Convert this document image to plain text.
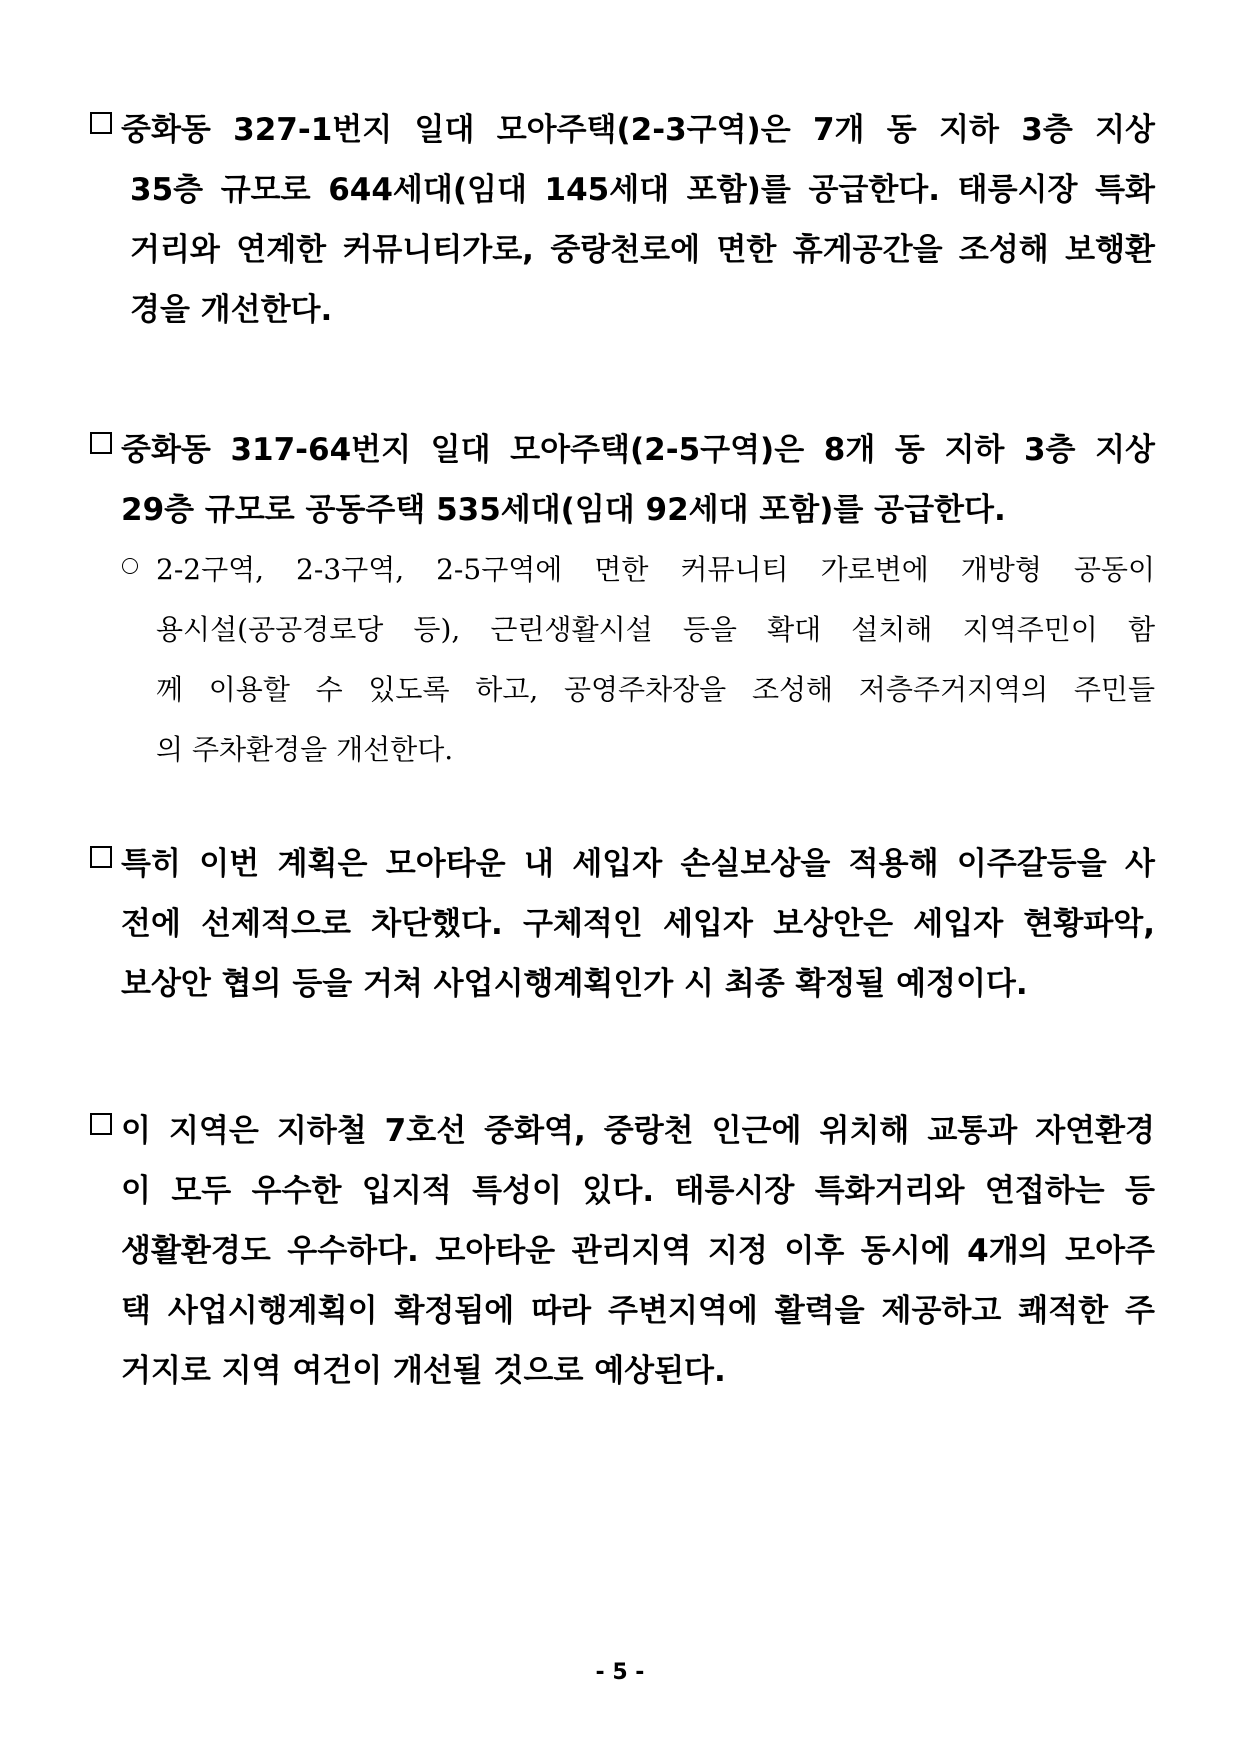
중화동 327-1번지 일대 모아주택(2-3구역)은 7개 동 지하 3층 지상
35층 규모로 644세대(임대 145세대 포함)를 공급한다. 태릉시장 특화
거리와 연계한 커뮤니티가로, 중랑천로에 면한 휴게공간을 조성해 보행환
경을 개선한다.
중화동 317-64번지 일대 모아주택(2-5구역)은 8개 동 지하 3층 지상
29층 규모로 공동주택 535세대(임대 92세대 포함)를 공급한다.
2-2구역, 2-3구역, 2-5구역에 면한 커뮤니티 가로변에 개방형 공동이
용시설(공공경로당 등), 근린생활시설 등을 확대 설치해 지역주민이 함
께 이용할 수 있도록 하고, 공영주차장을 조성해 저층주거지역의 주민들
의 주차환경을 개선한다.
특히 이번 계획은 모아타운 내 세입자 손실보상을 적용해 이주갈등을 사
전에 선제적으로 차단했다. 구체적인 세입자 보상안은 세입자 현황파악,
보상안 협의 등을 거쳐 사업시행계획인가 시 최종 확정될 예정이다.
이 지역은 지하철 7호선 중화역, 중랑천 인근에 위치해 교통과 자연환경
이 모두 우수한 입지적 특성이 있다. 태릉시장 특화거리와 연접하는 등
생활환경도 우수하다. 모아타운 관리지역 지정 이후 동시에 4개의 모아주
택 사업시행계획이 확정됨에 따라 주변지역에 활력을 제공하고 쾌적한 주
거지로 지역 여건이 개선될 것으로 예상된다.
- 5 -
